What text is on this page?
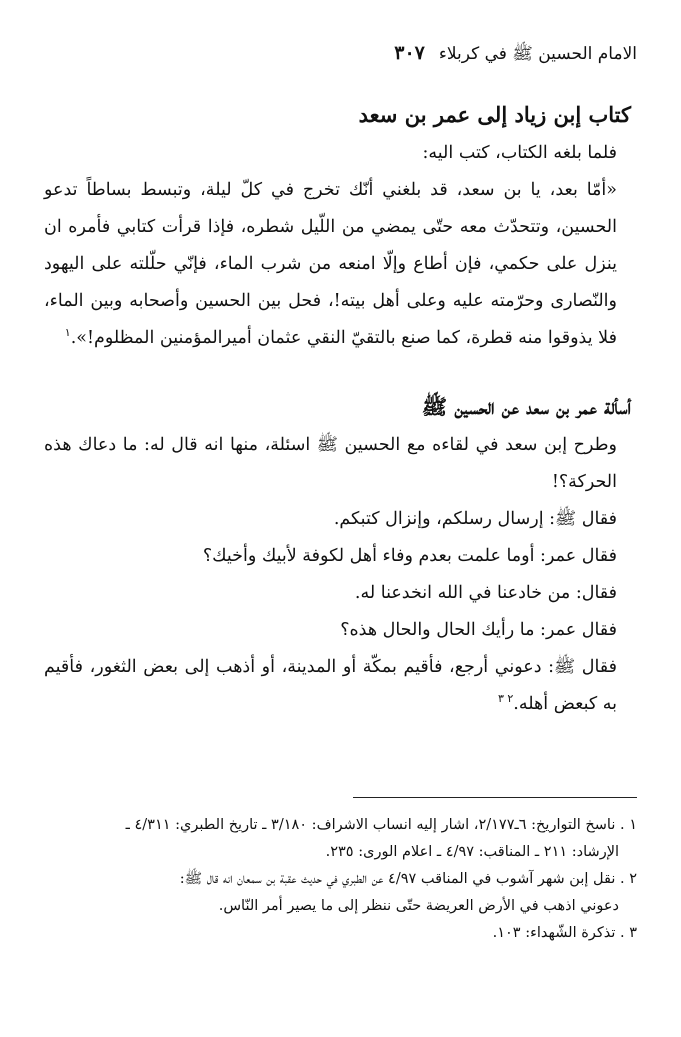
الامام الحسين ﷺ في كربلاء
٣٠٧
كتاب إبن زياد إلى عمر بن سعد

فلما بلغه الكتاب، كتب اليه:

«أمّا بعد، يا بن سعد، قد بلغني أنّك تخرج في كلّ ليلة، وتبسط بساطاً تدعو الحسين، وتتحدّث معه حتّى يمضي من اللّيل شطره، فإذا قرأت كتابي فأمره ان ينزل على حكمي، فإن أطاع وإلّا امنعه من شرب الماء، فإنّي حلّلته على اليهود والنّصارى وحرّمته عليه وعلى أهل بيته!، فحل بين الحسين وأصحابه وبين الماء، فلا يذوقوا منه قطرة، كما صنع بالتقيّ النقي عثمان أميرالمؤمنين المظلوم!».$^١$

أسألة عمر بن سعد عن الحسين ﷺ

وطرح إبن سعد في لقاءه مع الحسين ﷺ اسئلة، منها انه قال له: ما دعاك هذه الحركة؟!

فقال ﷺ: إرسال رسلكم، وإنزال كتبكم.

فقال عمر: أوما علمت بعدم وفاء أهل لكوفة لأبيك وأخيك؟

فقال: من خادعنا في الله انخدعنا له.

فقال عمر: ما رأيك الحال والحال هذه؟

فقال ﷺ: دعوني أرجع، فأقيم بمكّة أو المدينة، أو أذهب إلى بعض الثغور، فأقيم به كبعض أهله.$^{٢ ٣}$

١ . ناسخ التواريخ: ٦ـ٢/١٧٧، اشار إليه انساب الاشراف: ٣/١٨٠ ـ تاريخ الطبري: ٤/٣١١ ـ

الإرشاد: ٢١١ ـ المناقب: ٤/٩٧ ـ اعلام الورى: ٢٣٥.

٢ . نقل إبن شهر آشوب في المناقب ٤/٩٧ عن الطبري في حديث عقبة بن سمعان انه قال ﷺ:

دعوني اذهب في الأرض العريضة حتّى ننظر إلى ما يصير أمر النّاس.

٣ . تذكرة الشّهداء: ١٠٣.
